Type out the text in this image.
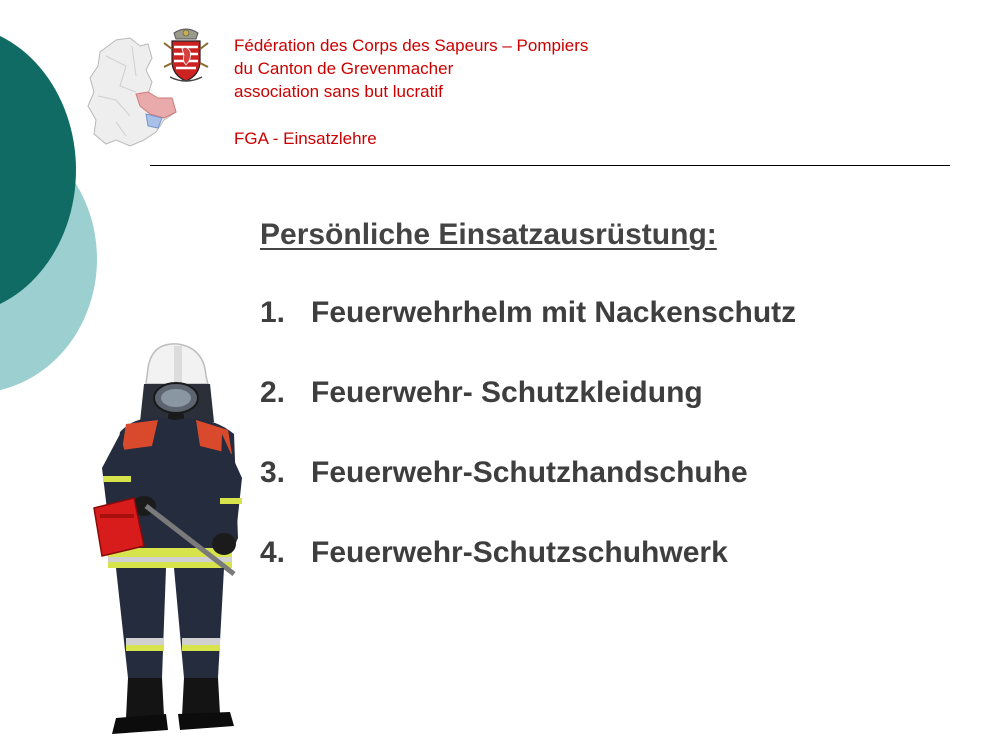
Fédération des Corps des Sapeurs – Pompiers

du Canton de Grevenmacher

association sans but lucratif

FGA - Einsatzlehre

Persönliche Einsatzausrüstung:
1. Feuerwehrhelm mit Nackenschutz
2. Feuerwehr- Schutzkleidung
3. Feuerwehr-Schutzhandschuhe
4. Feuerwehr-Schutzschuhwerk
